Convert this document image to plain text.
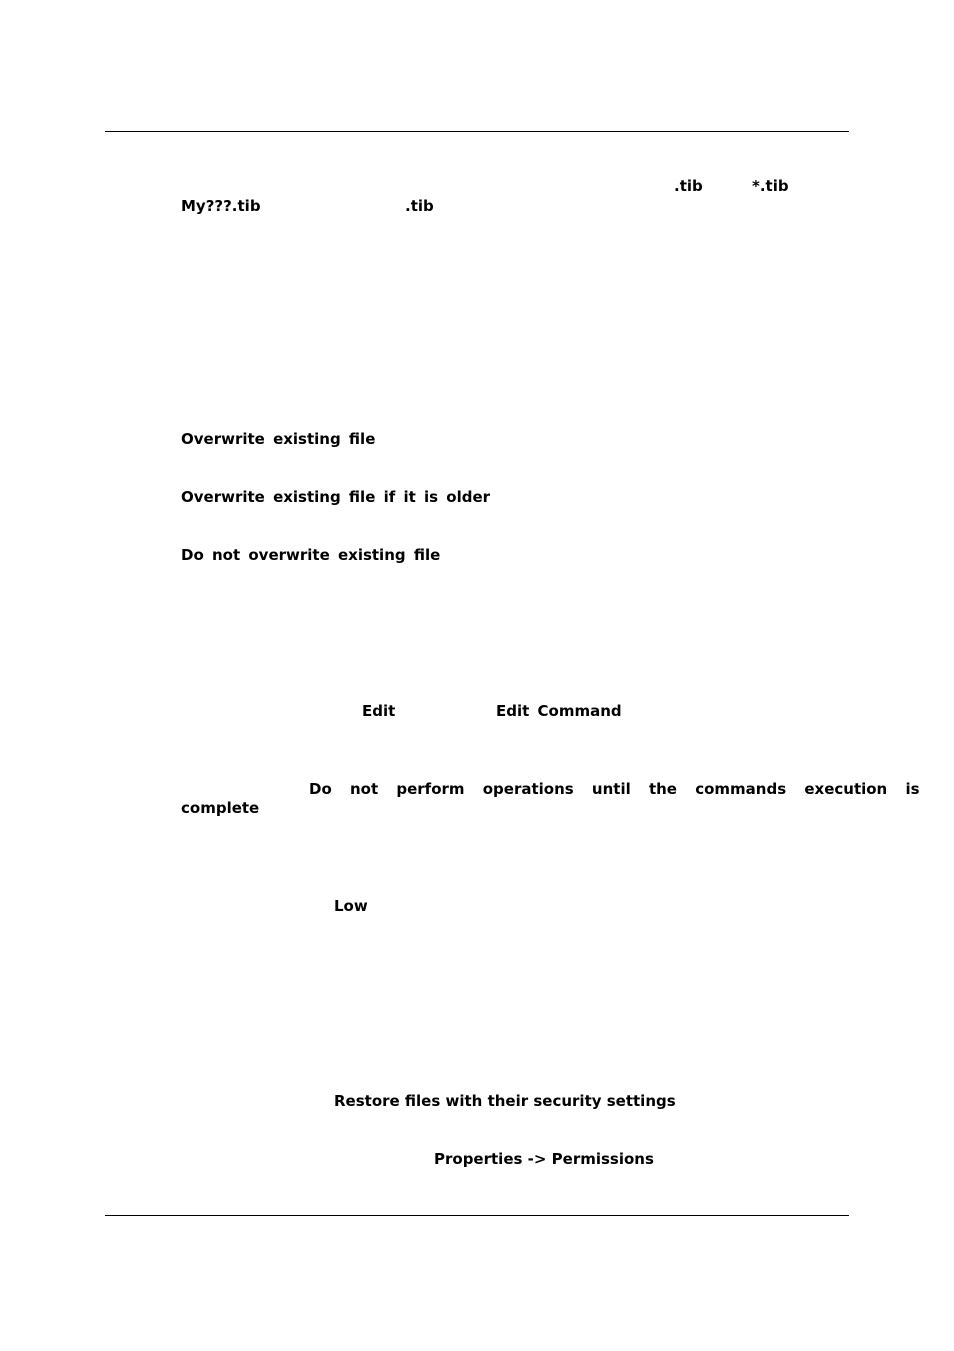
.tib	*.tib
My???.tib	.tib
Overwrite existing file
Overwrite existing file if it is older
Do not overwrite existing file
Edit	Edit Command
Do not perform operations until the commands execution is
complete
Low
Restore files with their security settings
Properties -> Permissions
